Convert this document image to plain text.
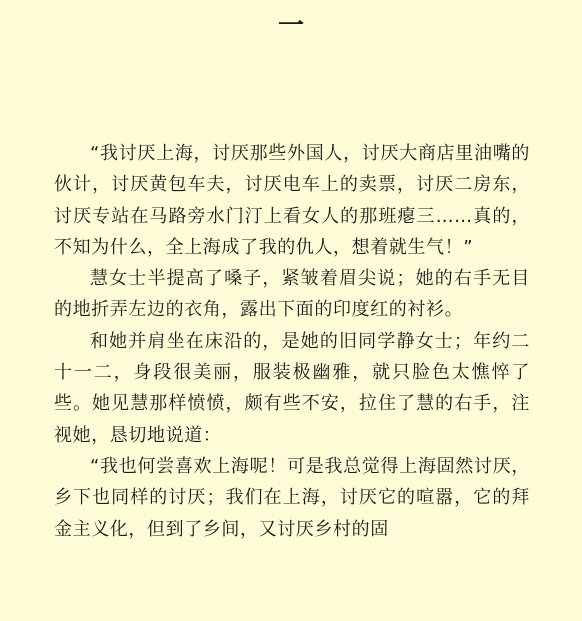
一

“我讨厌上海，讨厌那些外国人，讨厌大商店里油嘴的伙计，讨厌黄包车夫，讨厌电车上的卖票，讨厌二房东，讨厌专站在马路旁水门汀上看女人的那班瘪三……真的，不知为什么，全上海成了我的仇人，想着就生气！”

慧女士半提高了嗓子，紧皱着眉尖说；她的右手无目的地折弄左边的衣角，露出下面的印度红的衬衫。

和她并肩坐在床沿的，是她的旧同学静女士；年约二十一二，身段很美丽，服装极幽雅，就只脸色太憔悴了些。她见慧那样愤愤，颇有些不安，拉住了慧的右手，注视她，恳切地说道：

“我也何尝喜欢上海呢！可是我总觉得上海固然讨厌，乡下也同样的讨厌；我们在上海，讨厌它的喧嚣，它的拜金主义化，但到了乡间，又讨厌乡村的固
